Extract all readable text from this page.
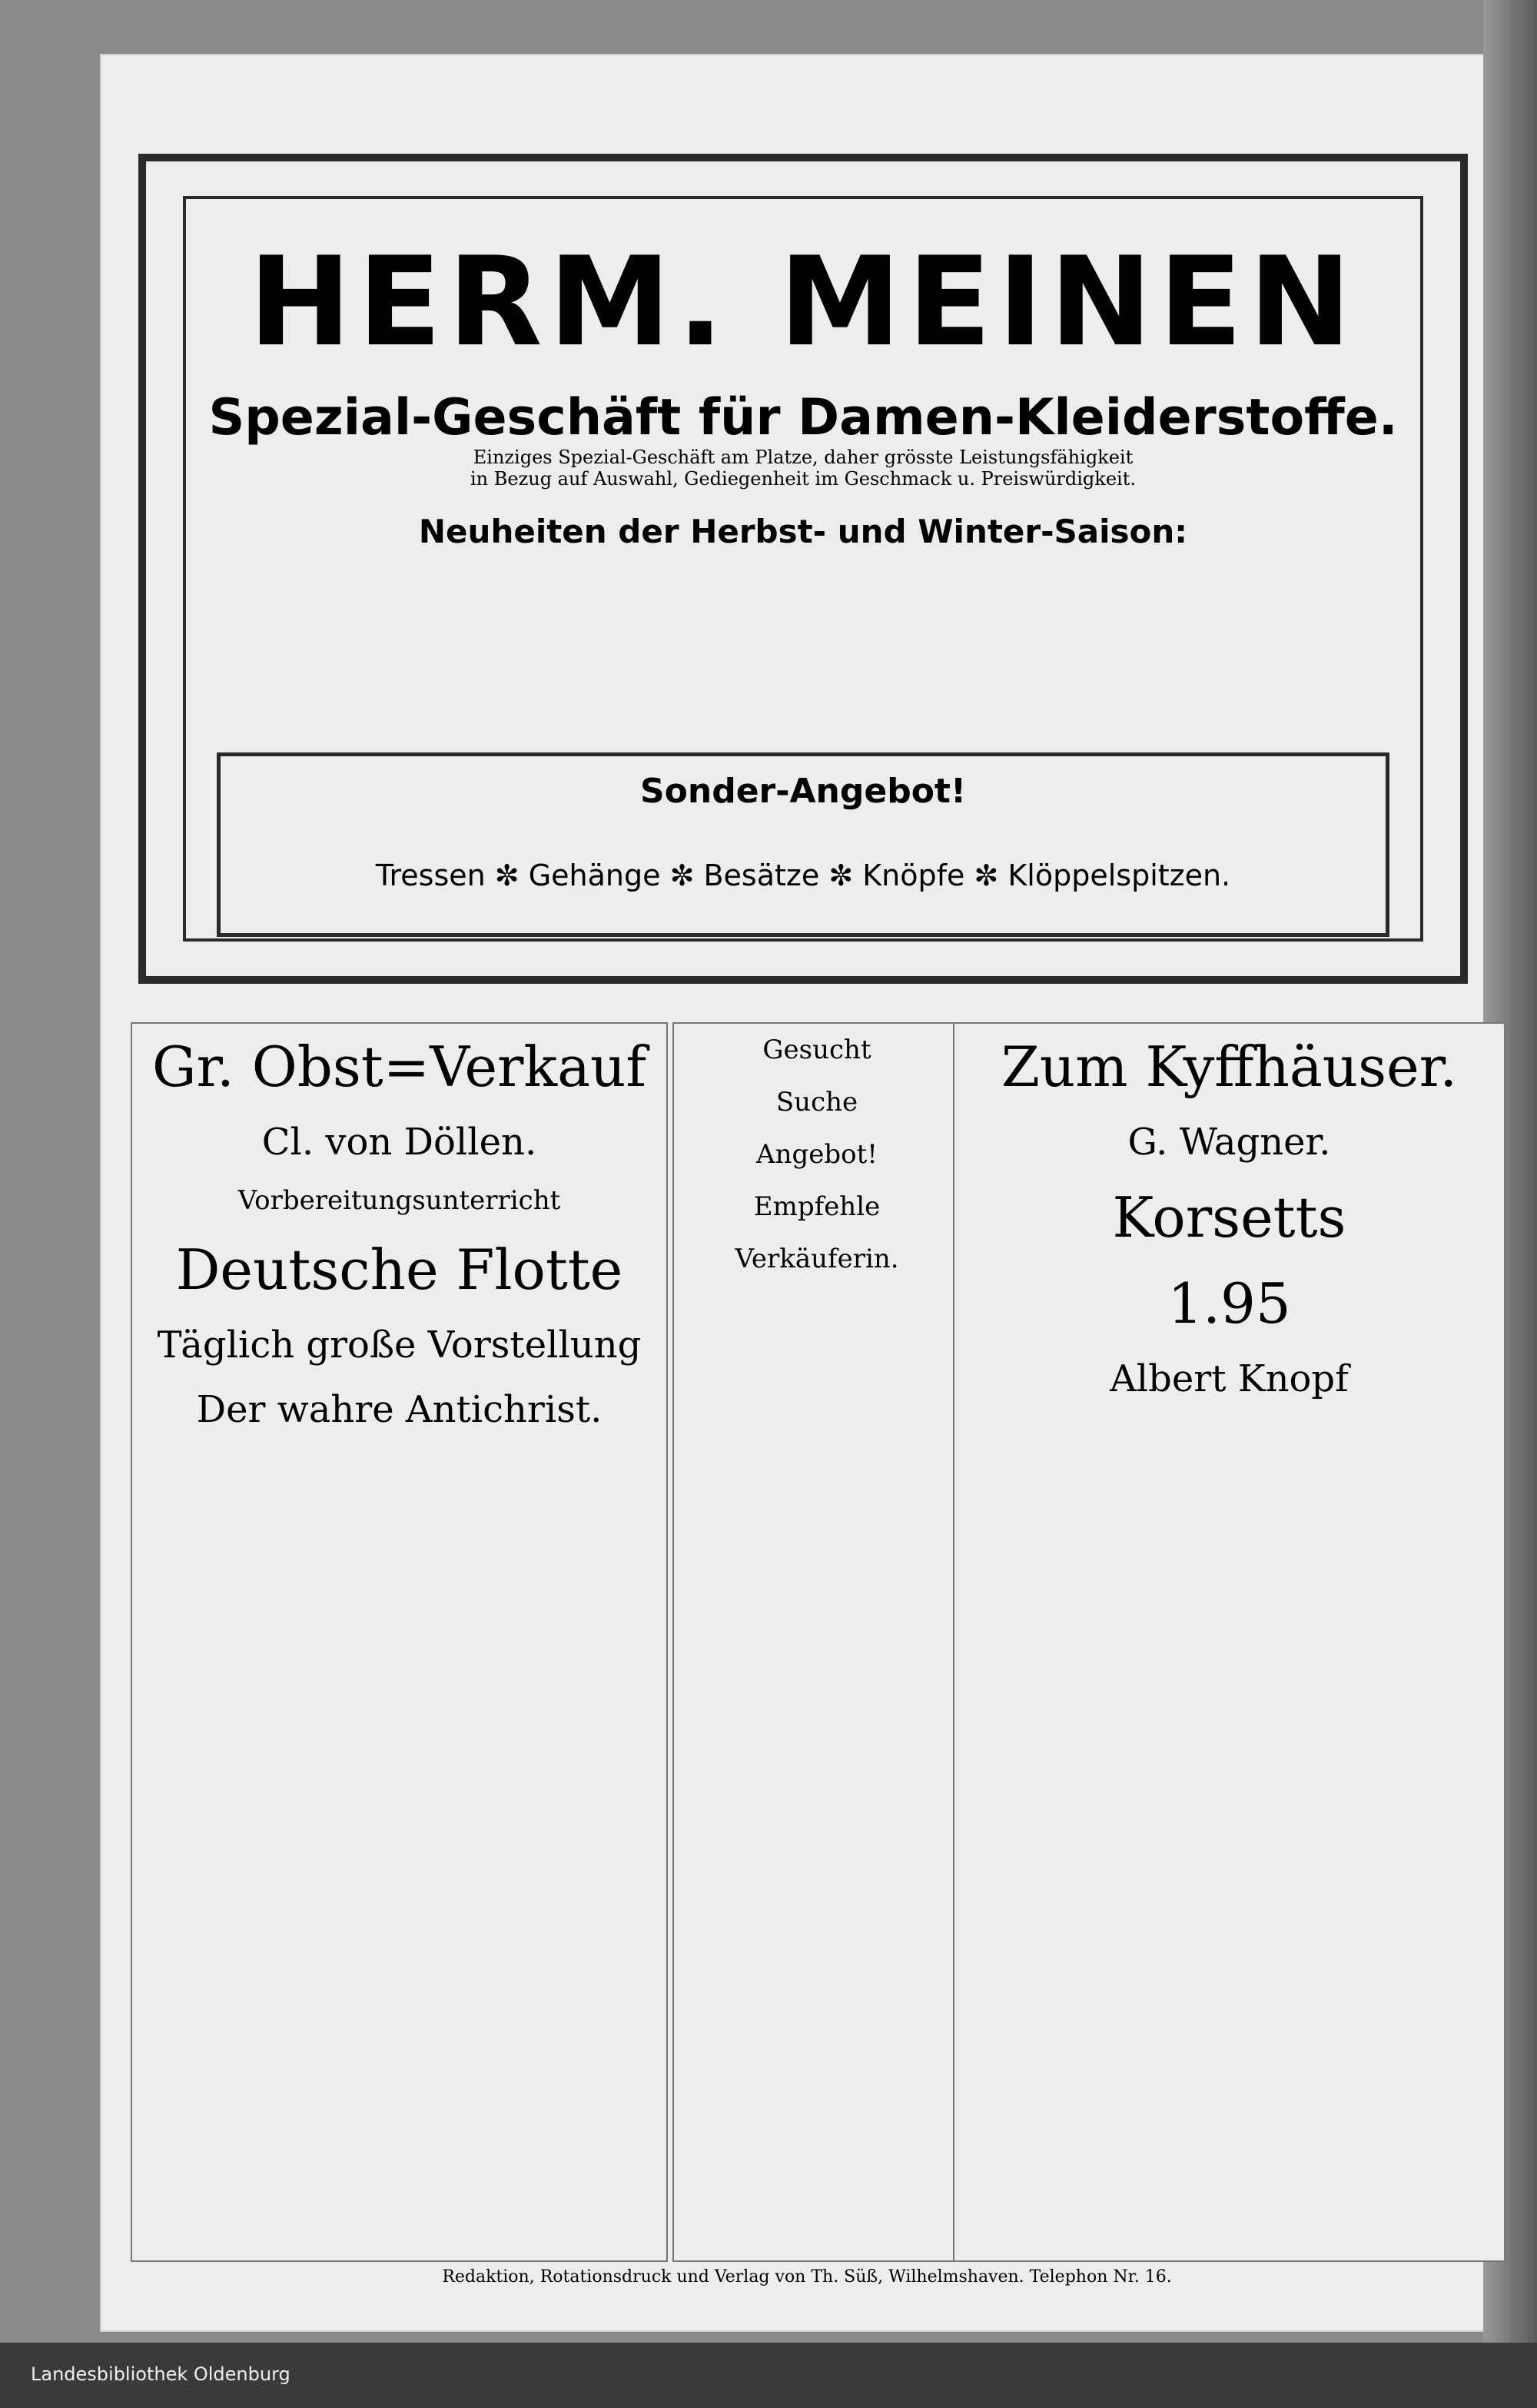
HERM. MEINEN
Spezial-Geschäft für Damen-Kleiderstoffe.
Einziges Spezial-Geschäft am Platze, daher grösste Leistungsfähigkeit
in Bezug auf Auswahl, Gediegenheit im Geschmack u. Preiswürdigkeit.
Neuheiten der Herbst- und Winter-Saison:
Sonder-Angebot!
Tressen ✼ Gehänge ✼ Besätze ✼ Knöpfe ✼ Klöppelspitzen.
Gr. Obst=Verkauf
Cl. von Döllen.
Vorbereitungsunterricht
Deutsche Flotte
Täglich große Vorstellung
Der wahre Antichrist.
Gesucht
Suche
Angebot!
Empfehle
Verkäuferin.
Zum Kyffhäuser.
G. Wagner.
Korsetts
1.95
Albert Knopf
Redaktion, Rotationsdruck und Verlag von Th. Süß, Wilhelmshaven. Telephon Nr. 16.
Landesbibliothek Oldenburg
